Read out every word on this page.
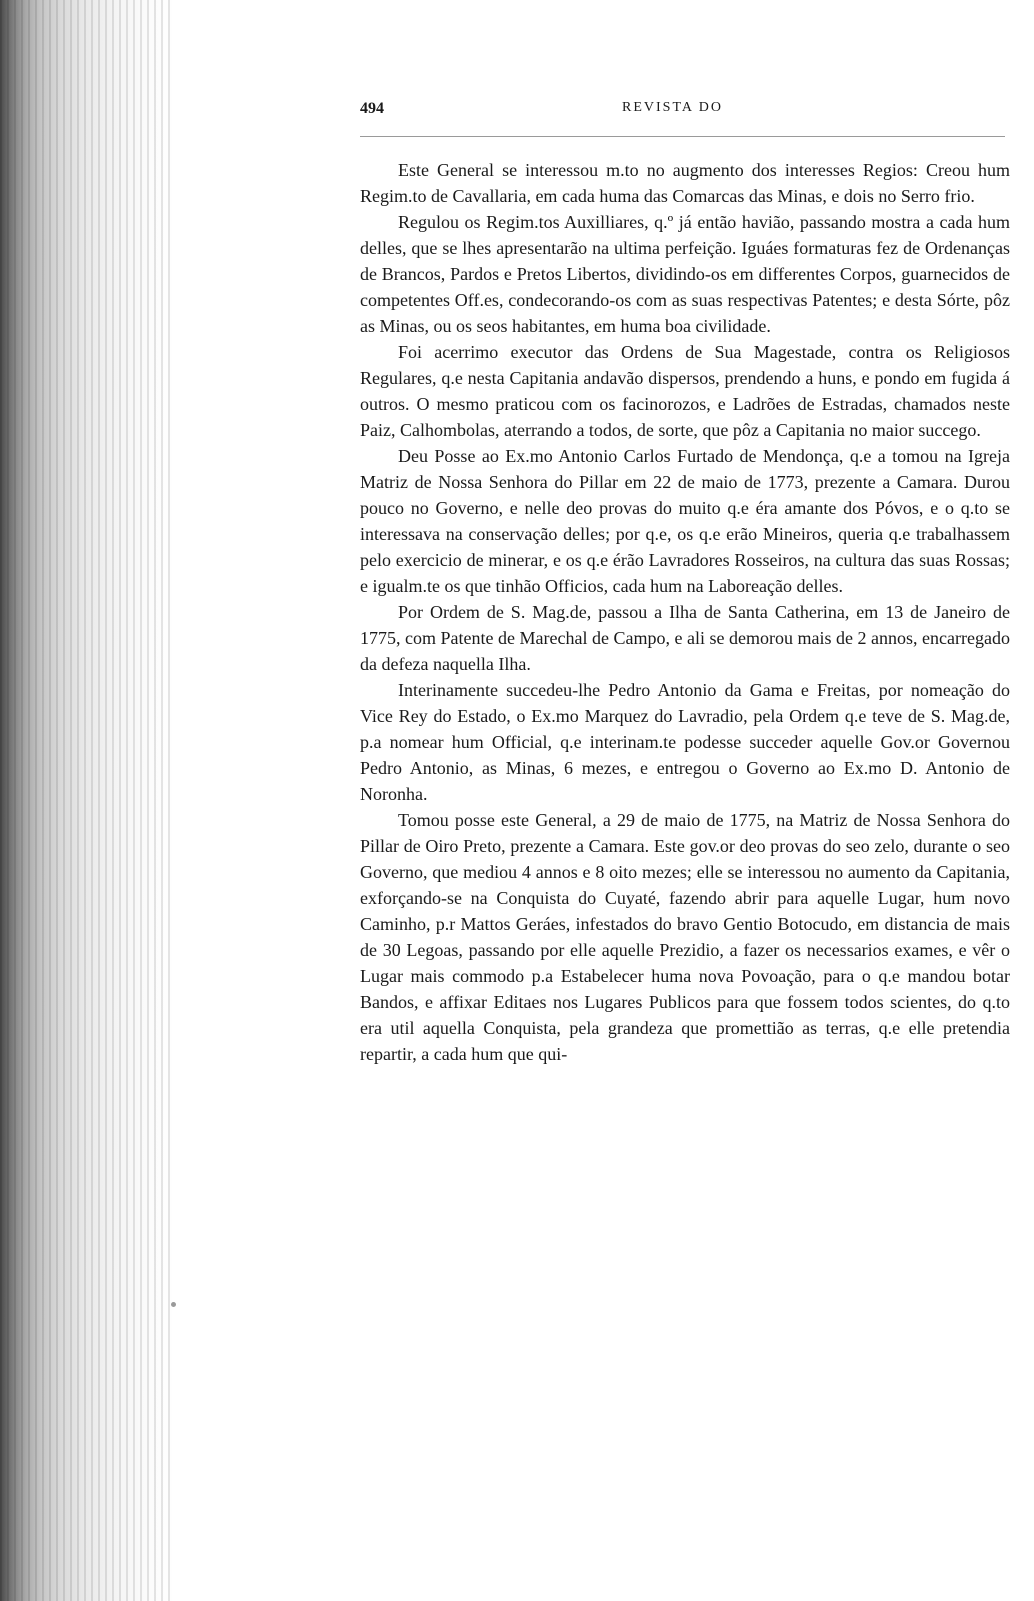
494	REVISTA DO

Este General se interessou m.to no augmento dos interesses Regios: Creou hum Regim.to de Cavallaria, em cada huma das Comarcas das Minas, e dois no Serro frio.

Regulou os Regim.tos Auxilliares, q.º já então havião, passando mostra a cada hum delles, que se lhes apresentarão na ultima perfeição. Iguáes formaturas fez de Ordenanças de Brancos, Pardos e Pretos Libertos, dividindo-os em differentes Corpos, guarnecidos de competentes Off.es, condecorando-os com as suas respectivas Patentes; e desta Sórte, pôz as Minas, ou os seos habitantes, em huma boa civilidade.

Foi acerrimo executor das Ordens de Sua Magestade, contra os Religiosos Regulares, q.e nesta Capitania andavão dispersos, prendendo a huns, e pondo em fugida á outros. O mesmo praticou com os facinorozos, e Ladrões de Estradas, chamados neste Paiz, Calhombolas, aterrando a todos, de sorte, que pôz a Capitania no maior succego.

Deu Posse ao Ex.mo Antonio Carlos Furtado de Mendonça, q.e a tomou na Igreja Matriz de Nossa Senhora do Pillar em 22 de maio de 1773, prezente a Camara. Durou pouco no Governo, e nelle deo provas do muito q.e éra amante dos Póvos, e o q.to se interessava na conservação delles; por q.e, os q.e erão Mineiros, queria q.e trabalhassem pelo exercicio de minerar, e os q.e érão Lavradores Rosseiros, na cultura das suas Rossas; e igualm.te os que tinhão Officios, cada hum na Laboreação delles.

Por Ordem de S. Mag.de, passou a Ilha de Santa Catherina, em 13 de Janeiro de 1775, com Patente de Marechal de Campo, e ali se demorou mais de 2 annos, encarregado da defeza naquella Ilha.

Interinamente succedeu-lhe Pedro Antonio da Gama e Freitas, por nomeação do Vice Rey do Estado, o Ex.mo Marquez do Lavradio, pela Ordem q.e teve de S. Mag.de, p.a nomear hum Official, q.e interinam.te podesse succeder aquelle Gov.or Governou Pedro Antonio, as Minas, 6 mezes, e entregou o Governo ao Ex.mo D. Antonio de Noronha.

Tomou posse este General, a 29 de maio de 1775, na Matriz de Nossa Senhora do Pillar de Oiro Preto, prezente a Camara. Este gov.or deo provas do seo zelo, durante o seo Governo, que mediou 4 annos e 8 oito mezes; elle se interessou no aumento da Capitania, exforçando-se na Conquista do Cuyaté, fazendo abrir para aquelle Lugar, hum novo Caminho, p.r Mattos Geráes, infestados do bravo Gentio Botocudo, em distancia de mais de 30 Legoas, passando por elle aquelle Prezidio, a fazer os necessarios exames, e vêr o Lugar mais commodo p.a Estabelecer huma nova Povoação, para o q.e mandou botar Bandos, e affixar Editaes nos Lugares Publicos para que fossem todos scientes, do q.to era util aquella Conquista, pela grandeza que promettião as terras, q.e elle pretendia repartir, a cada hum que qui-
